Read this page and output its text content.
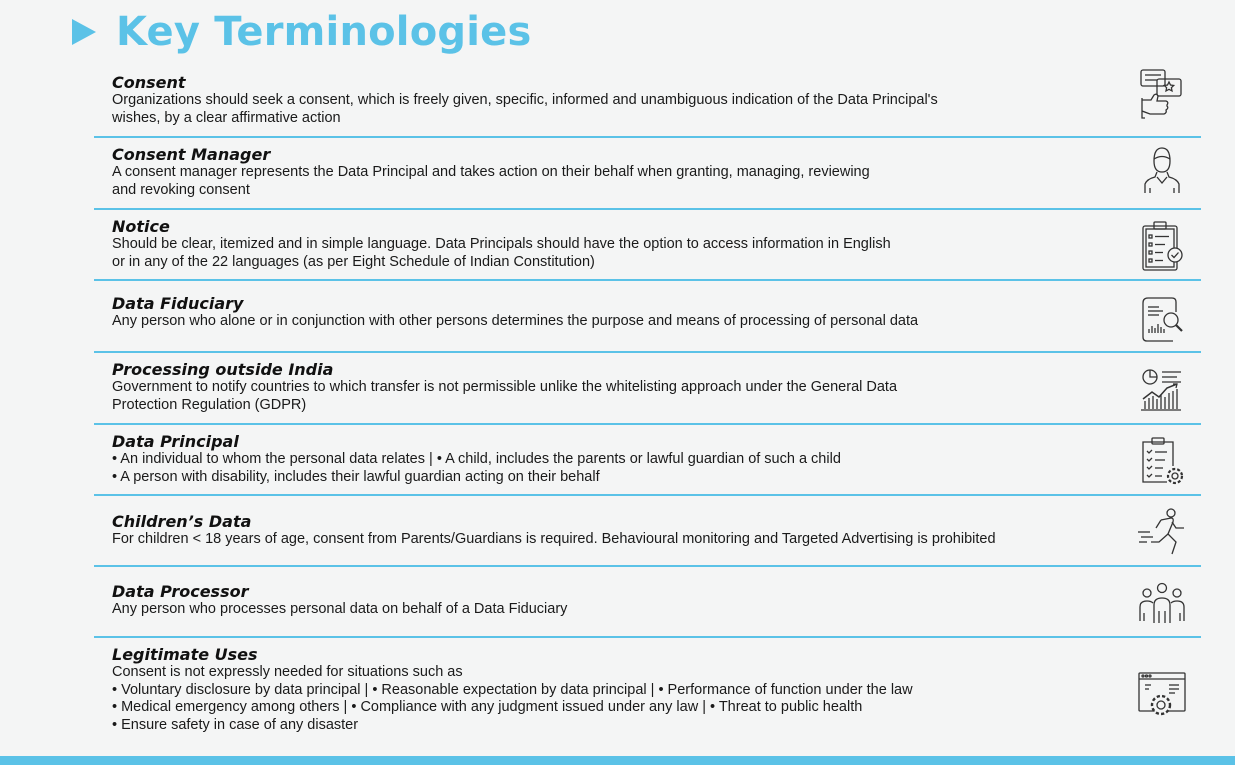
Key Terminologies
Consent
Organizations should seek a consent, which is freely given, specific, informed and unambiguous indication of the Data Principal's
wishes, by a clear affirmative action
Consent Manager
A consent manager represents the Data Principal and takes action on their behalf when granting, managing, reviewing
and revoking consent
Notice
Should be clear, itemized and in simple language. Data Principals should have the option to access information in English
or in any of the 22 languages (as per Eight Schedule of Indian Constitution)
Data Fiduciary
Any person who alone or in conjunction with other persons determines the purpose and means of processing of personal data
Processing outside India
Government to notify countries to which transfer is not permissible unlike the whitelisting approach under the General Data
Protection Regulation (GDPR)
Data Principal
• An individual to whom the personal data relates | • A child, includes the parents or lawful guardian of such a child
• A person with disability, includes their lawful guardian acting on their behalf
Children’s Data
For children < 18 years of age, consent from Parents/Guardians is required. Behavioural monitoring and Targeted Advertising is prohibited
Data Processor
Any person who processes personal data on behalf of a Data Fiduciary
Legitimate Uses
Consent is not expressly needed for situations such as
• Voluntary disclosure by data principal | • Reasonable expectation by data principal | • Performance of function under the law
• Medical emergency among others | • Compliance with any judgment issued under any law | • Threat to public health
• Ensure safety in case of any disaster
